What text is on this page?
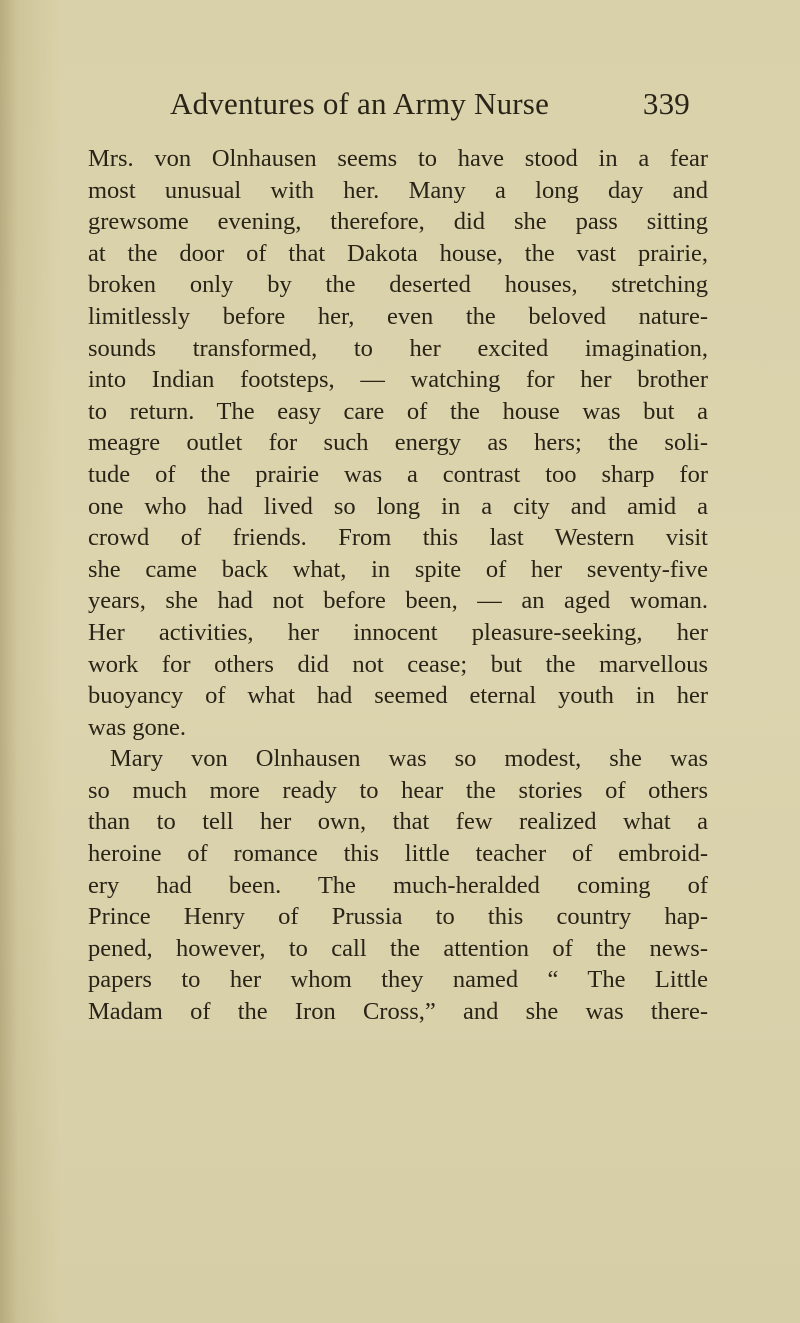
Adventures of an Army Nurse	339
Mrs. von Olnhausen seems to have stood in a fear
most unusual with her. Many a long day and
grewsome evening, therefore, did she pass sitting
at the door of that Dakota house, the vast prairie,
broken only by the deserted houses, stretching
limitlessly before her, even the beloved nature-
sounds transformed, to her excited imagination,
into Indian footsteps, — watching for her brother
to return. The easy care of the house was but a
meagre outlet for such energy as hers; the soli-
tude of the prairie was a contrast too sharp for
one who had lived so long in a city and amid a
crowd of friends. From this last Western visit
she came back what, in spite of her seventy-five
years, she had not before been, — an aged woman.
Her activities, her innocent pleasure-seeking, her
work for others did not cease; but the marvellous
buoyancy of what had seemed eternal youth in her
was gone.
Mary von Olnhausen was so modest, she was
so much more ready to hear the stories of others
than to tell her own, that few realized what a
heroine of romance this little teacher of embroid-
ery had been. The much-heralded coming of
Prince Henry of Prussia to this country hap-
pened, however, to call the attention of the news-
papers to her whom they named “ The Little
Madam of the Iron Cross,” and she was there-
